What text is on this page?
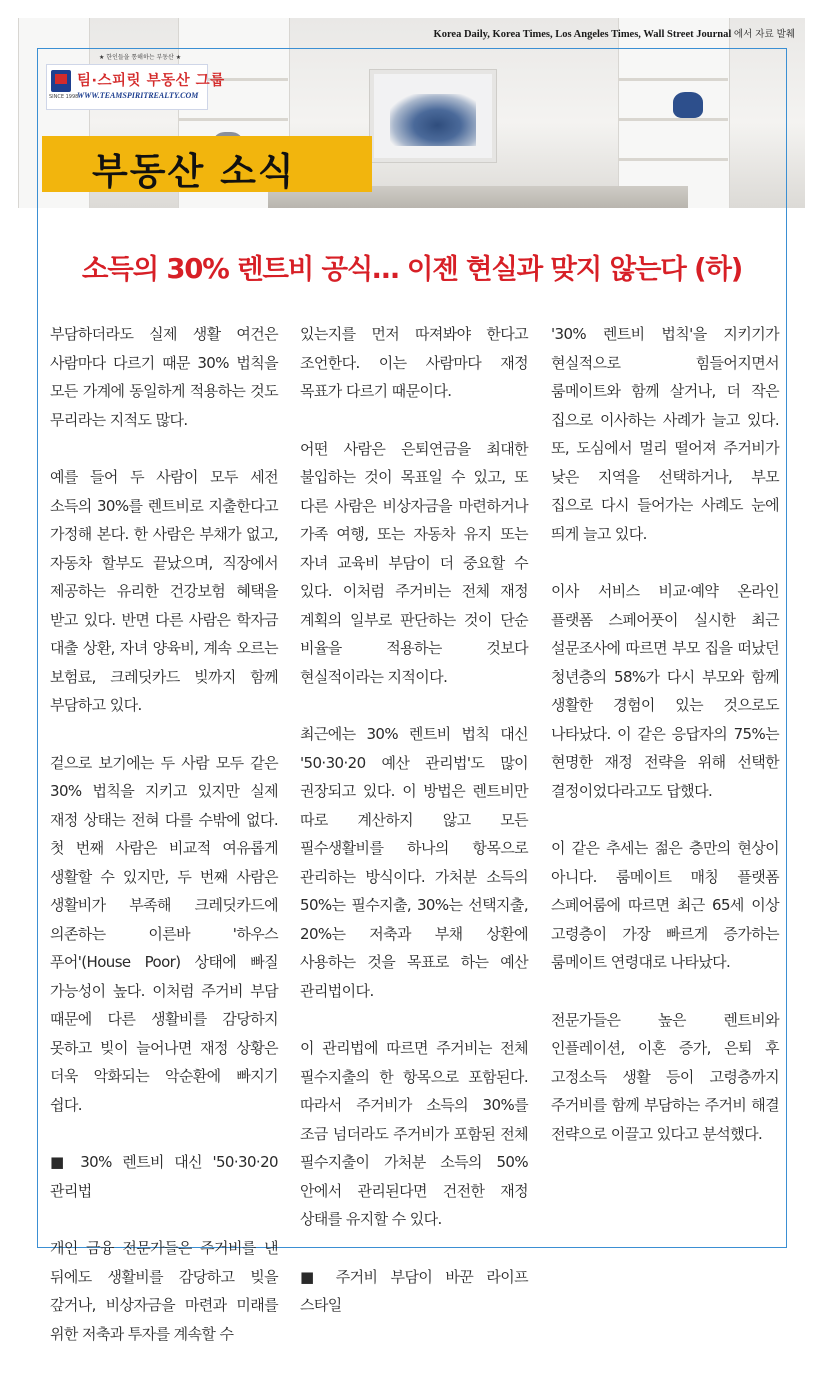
Korea Daily, Korea Times, Los Angeles Times, Wall Street Journal 에서 자료 발췌
★ 한인들을 통해하는 부동산 ★
SINCE 1998
팀·스피릿 부동산 그룹
WWW.TEAMSPIRITREALTY.COM
부동산 소식
소득의 30% 렌트비 공식… 이젠 현실과 맞지 않는다 (하)

부담하더라도 실제 생활 여건은 사람마다 다르기 때문 30% 법칙을 모든 가계에 동일하게 적용하는 것도 무리라는 지적도 많다.

예를 들어 두 사람이 모두 세전 소득의 30%를 렌트비로 지출한다고 가정해 본다. 한 사람은 부채가 없고, 자동차 할부도 끝났으며, 직장에서 제공하는 유리한 건강보험 혜택을 받고 있다. 반면 다른 사람은 학자금 대출 상환, 자녀 양육비, 계속 오르는 보험료, 크레딧카드 빚까지 함께 부담하고 있다.

겉으로 보기에는 두 사람 모두 같은 30% 법칙을 지키고 있지만 실제 재정 상태는 전혀 다를 수밖에 없다. 첫 번째 사람은 비교적 여유롭게 생활할 수 있지만, 두 번째 사람은 생활비가 부족해 크레딧카드에 의존하는 이른바 '하우스 푸어'(House Poor) 상태에 빠질 가능성이 높다. 이처럼 주거비 부담 때문에 다른 생활비를 감당하지 못하고 빚이 늘어나면 재정 상황은 더욱 악화되는 악순환에 빠지기 쉽다.

■ 30% 렌트비 대신 '50·30·20 관리법

개인 금융 전문가들은 주거비를 낸 뒤에도 생활비를 감당하고 빚을 갚거나, 비상자금을 마련과 미래를 위한 저축과 투자를 계속할 수

있는지를 먼저 따져봐야 한다고 조언한다. 이는 사람마다 재정 목표가 다르기 때문이다.

어떤 사람은 은퇴연금을 최대한 불입하는 것이 목표일 수 있고, 또 다른 사람은 비상자금을 마련하거나 가족 여행, 또는 자동차 유지 또는 자녀 교육비 부담이 더 중요할 수 있다. 이처럼 주거비는 전체 재정 계획의 일부로 판단하는 것이 단순 비율을 적용하는 것보다 현실적이라는 지적이다.

최근에는 30% 렌트비 법칙 대신 '50·30·20 예산 관리법'도 많이 권장되고 있다. 이 방법은 렌트비만 따로 계산하지 않고 모든 필수생활비를 하나의 항목으로 관리하는 방식이다. 가처분 소득의 50%는 필수지출, 30%는 선택지출, 20%는 저축과 부채 상환에 사용하는 것을 목표로 하는 예산 관리법이다.

이 관리법에 따르면 주거비는 전체 필수지출의 한 항목으로 포함된다. 따라서 주거비가 소득의 30%를 조금 넘더라도 주거비가 포함된 전체 필수지출이 가처분 소득의 50% 안에서 관리된다면 건전한 재정 상태를 유지할 수 있다.

■ 주거비 부담이 바꾼 라이프 스타일

'30% 렌트비 법칙'을 지키기가 현실적으로 힘들어지면서 룸메이트와 함께 살거나, 더 작은 집으로 이사하는 사례가 늘고 있다. 또, 도심에서 멀리 떨어져 주거비가 낮은 지역을 선택하거나, 부모 집으로 다시 들어가는 사례도 눈에 띄게 늘고 있다.

이사 서비스 비교·예약 온라인 플랫폼 스페어풋이 실시한 최근 설문조사에 따르면 부모 집을 떠났던 청년층의 58%가 다시 부모와 함께 생활한 경험이 있는 것으로도 나타났다. 이 같은 응답자의 75%는 현명한 재정 전략을 위해 선택한 결정이었다라고도 답했다.

이 같은 추세는 젊은 층만의 현상이 아니다. 룸메이트 매칭 플랫폼 스페어룸에 따르면 최근 65세 이상 고령층이 가장 빠르게 증가하는 룸메이트 연령대로 나타났다.

전문가들은 높은 렌트비와 인플레이션, 이혼 증가, 은퇴 후 고정소득 생활 등이 고령층까지 주거비를 함께 부담하는 주거비 해결 전략으로 이끌고 있다고 분석했다.
